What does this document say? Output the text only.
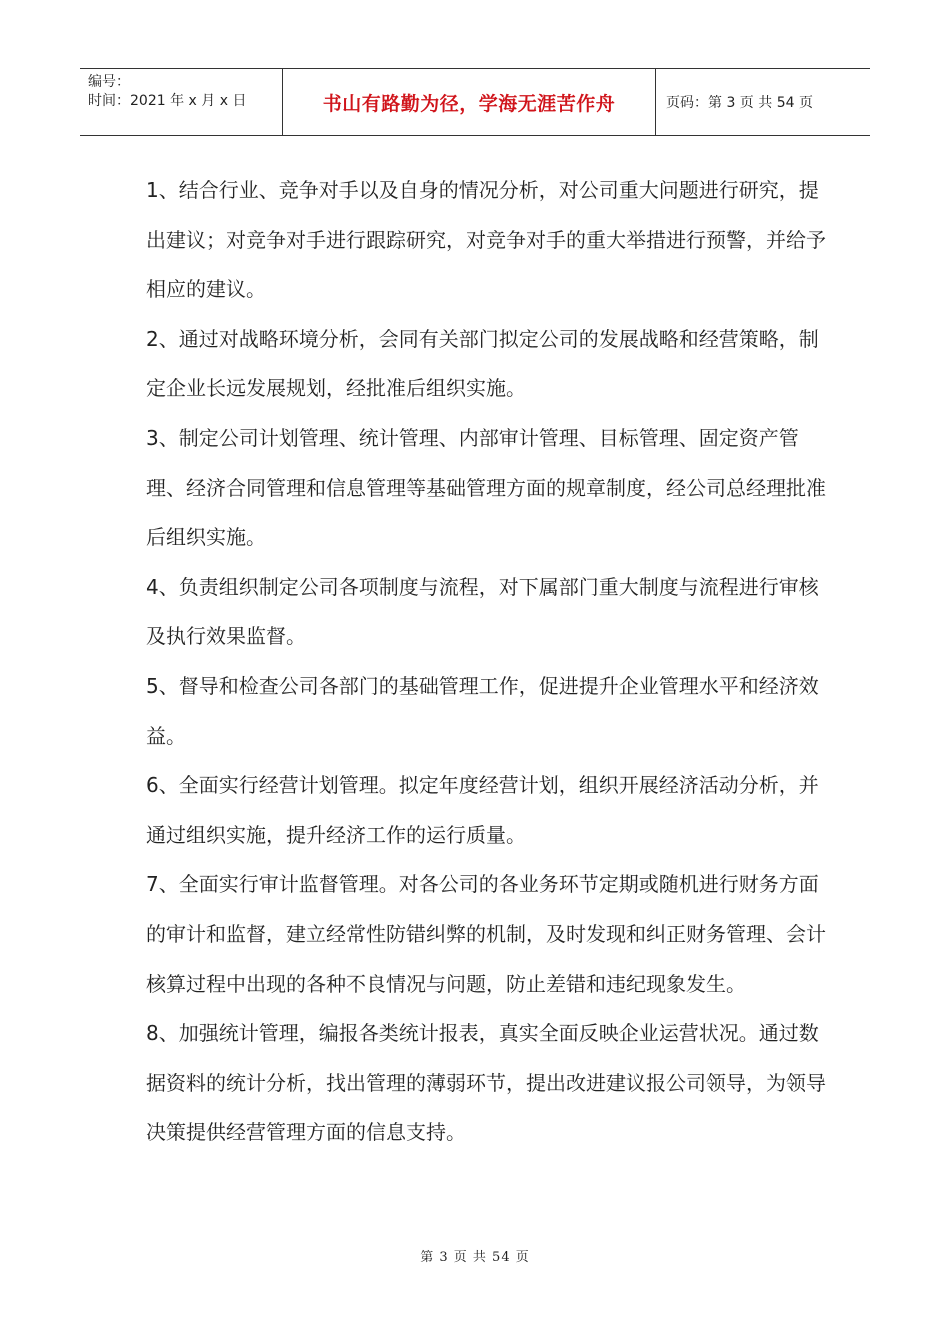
编号：
时间：2021 年 x 月 x 日	书山有路勤为径，学海无涯苦作舟	页码：第 3 页 共 54 页

1、结合行业、竞争对手以及自身的情况分析，对公司重大问题进行研究，提出建议；对竞争对手进行跟踪研究，对竞争对手的重大举措进行预警，并给予相应的建议。

2、通过对战略环境分析，会同有关部门拟定公司的发展战略和经营策略，制定企业长远发展规划，经批准后组织实施。

3、制定公司计划管理、统计管理、内部审计管理、目标管理、固定资产管理、经济合同管理和信息管理等基础管理方面的规章制度，经公司总经理批准后组织实施。

4、负责组织制定公司各项制度与流程，对下属部门重大制度与流程进行审核及执行效果监督。

5、督导和检查公司各部门的基础管理工作，促进提升企业管理水平和经济效益。

6、全面实行经营计划管理。拟定年度经营计划，组织开展经济活动分析，并通过组织实施，提升经济工作的运行质量。

7、全面实行审计监督管理。对各公司的各业务环节定期或随机进行财务方面的审计和监督，建立经常性防错纠弊的机制，及时发现和纠正财务管理、会计核算过程中出现的各种不良情况与问题，防止差错和违纪现象发生。

8、加强统计管理，编报各类统计报表，真实全面反映企业运营状况。通过数据资料的统计分析，找出管理的薄弱环节，提出改进建议报公司领导，为领导决策提供经营管理方面的信息支持。

第 3 页 共 54 页
